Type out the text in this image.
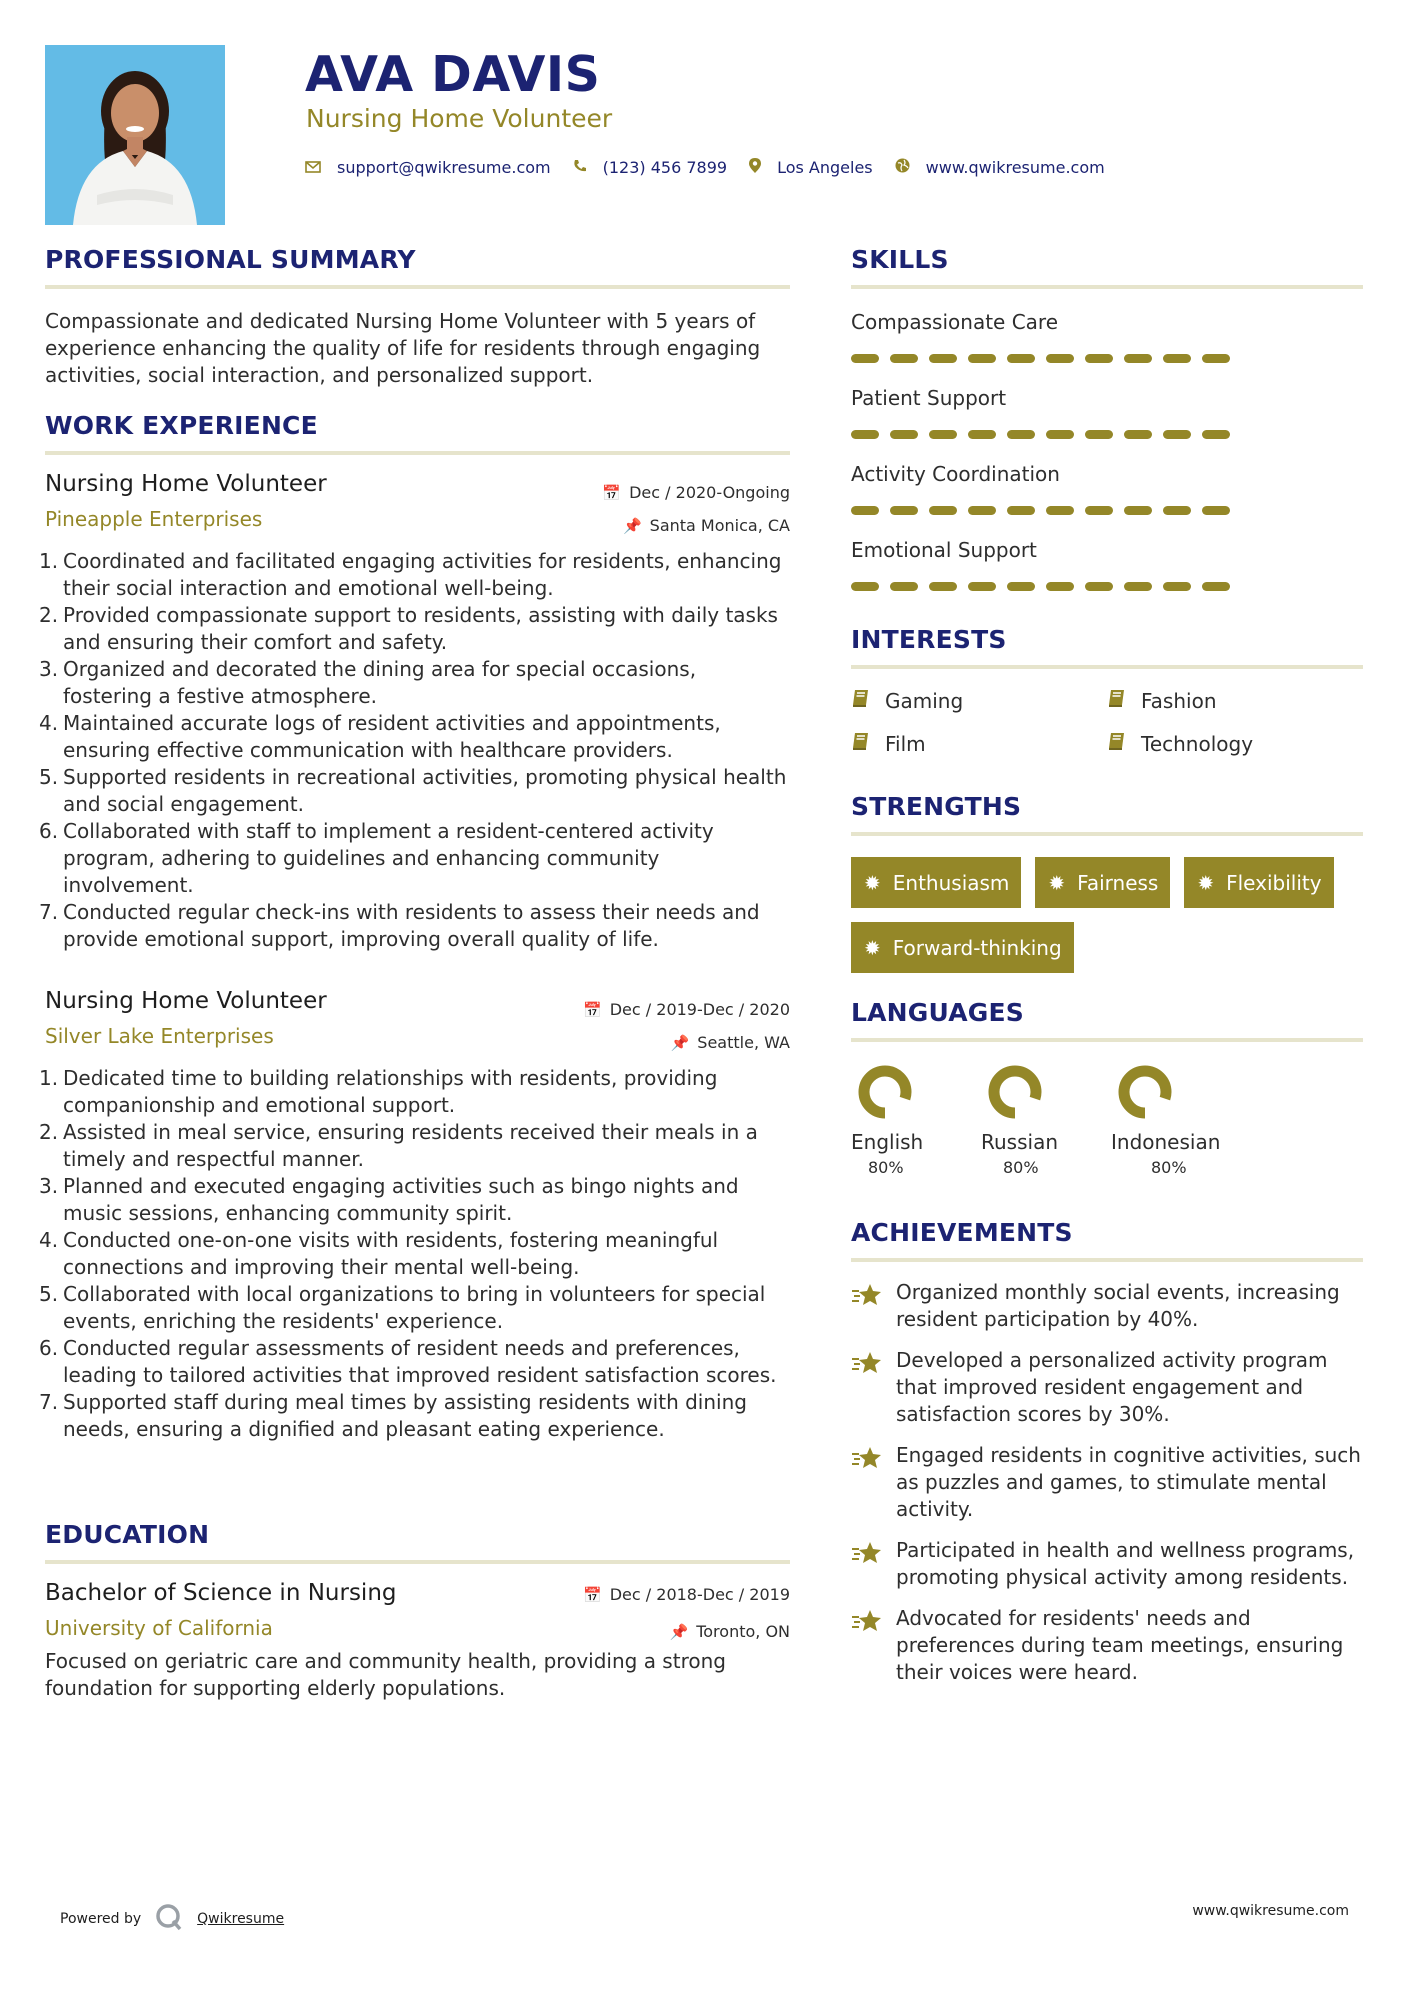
AVA DAVIS
Nursing Home Volunteer
support@qwikresume.com	(123) 456 7899	Los Angeles	www.qwikresume.com
PROFESSIONAL SUMMARY
Compassionate and dedicated Nursing Home Volunteer with 5 years of experience enhancing the quality of life for residents through engaging activities, social interaction, and personalized support.
WORK EXPERIENCE
Nursing Home Volunteer	📅 Dec / 2020-Ongoing
Pineapple Enterprises	📌 Santa Monica, CA
1. Coordinated and facilitated engaging activities for residents, enhancing their social interaction and emotional well-being.
2. Provided compassionate support to residents, assisting with daily tasks and ensuring their comfort and safety.
3. Organized and decorated the dining area for special occasions, fostering a festive atmosphere.
4. Maintained accurate logs of resident activities and appointments, ensuring effective communication with healthcare providers.
5. Supported residents in recreational activities, promoting physical health and social engagement.
6. Collaborated with staff to implement a resident-centered activity program, adhering to guidelines and enhancing community involvement.
7. Conducted regular check-ins with residents to assess their needs and provide emotional support, improving overall quality of life.
Nursing Home Volunteer	📅 Dec / 2019-Dec / 2020
Silver Lake Enterprises	📌 Seattle, WA
1. Dedicated time to building relationships with residents, providing companionship and emotional support.
2. Assisted in meal service, ensuring residents received their meals in a timely and respectful manner.
3. Planned and executed engaging activities such as bingo nights and music sessions, enhancing community spirit.
4. Conducted one-on-one visits with residents, fostering meaningful connections and improving their mental well-being.
5. Collaborated with local organizations to bring in volunteers for special events, enriching the residents' experience.
6. Conducted regular assessments of resident needs and preferences, leading to tailored activities that improved resident satisfaction scores.
7. Supported staff during meal times by assisting residents with dining needs, ensuring a dignified and pleasant eating experience.
EDUCATION
Bachelor of Science in Nursing	📅 Dec / 2018-Dec / 2019
University of California	📌 Toronto, ON
Focused on geriatric care and community health, providing a strong foundation for supporting elderly populations.
SKILLS
Compassionate Care
Patient Support
Activity Coordination
Emotional Support
INTERESTS
Gaming	Fashion
Film	Technology
STRENGTHS
✹ Enthusiasm ✹ Fairness ✹ Flexibility
✹ Forward-thinking
LANGUAGES
English
80%
Russian
80%
Indonesian
80%
ACHIEVEMENTS
Organized monthly social events, increasing resident participation by 40%.
Developed a personalized activity program that improved resident engagement and satisfaction scores by 30%.
Engaged residents in cognitive activities, such as puzzles and games, to stimulate mental activity.
Participated in health and wellness programs, promoting physical activity among residents.
Advocated for residents' needs and preferences during team meetings, ensuring their voices were heard.
Powered by	Qwikresume	www.qwikresume.com
